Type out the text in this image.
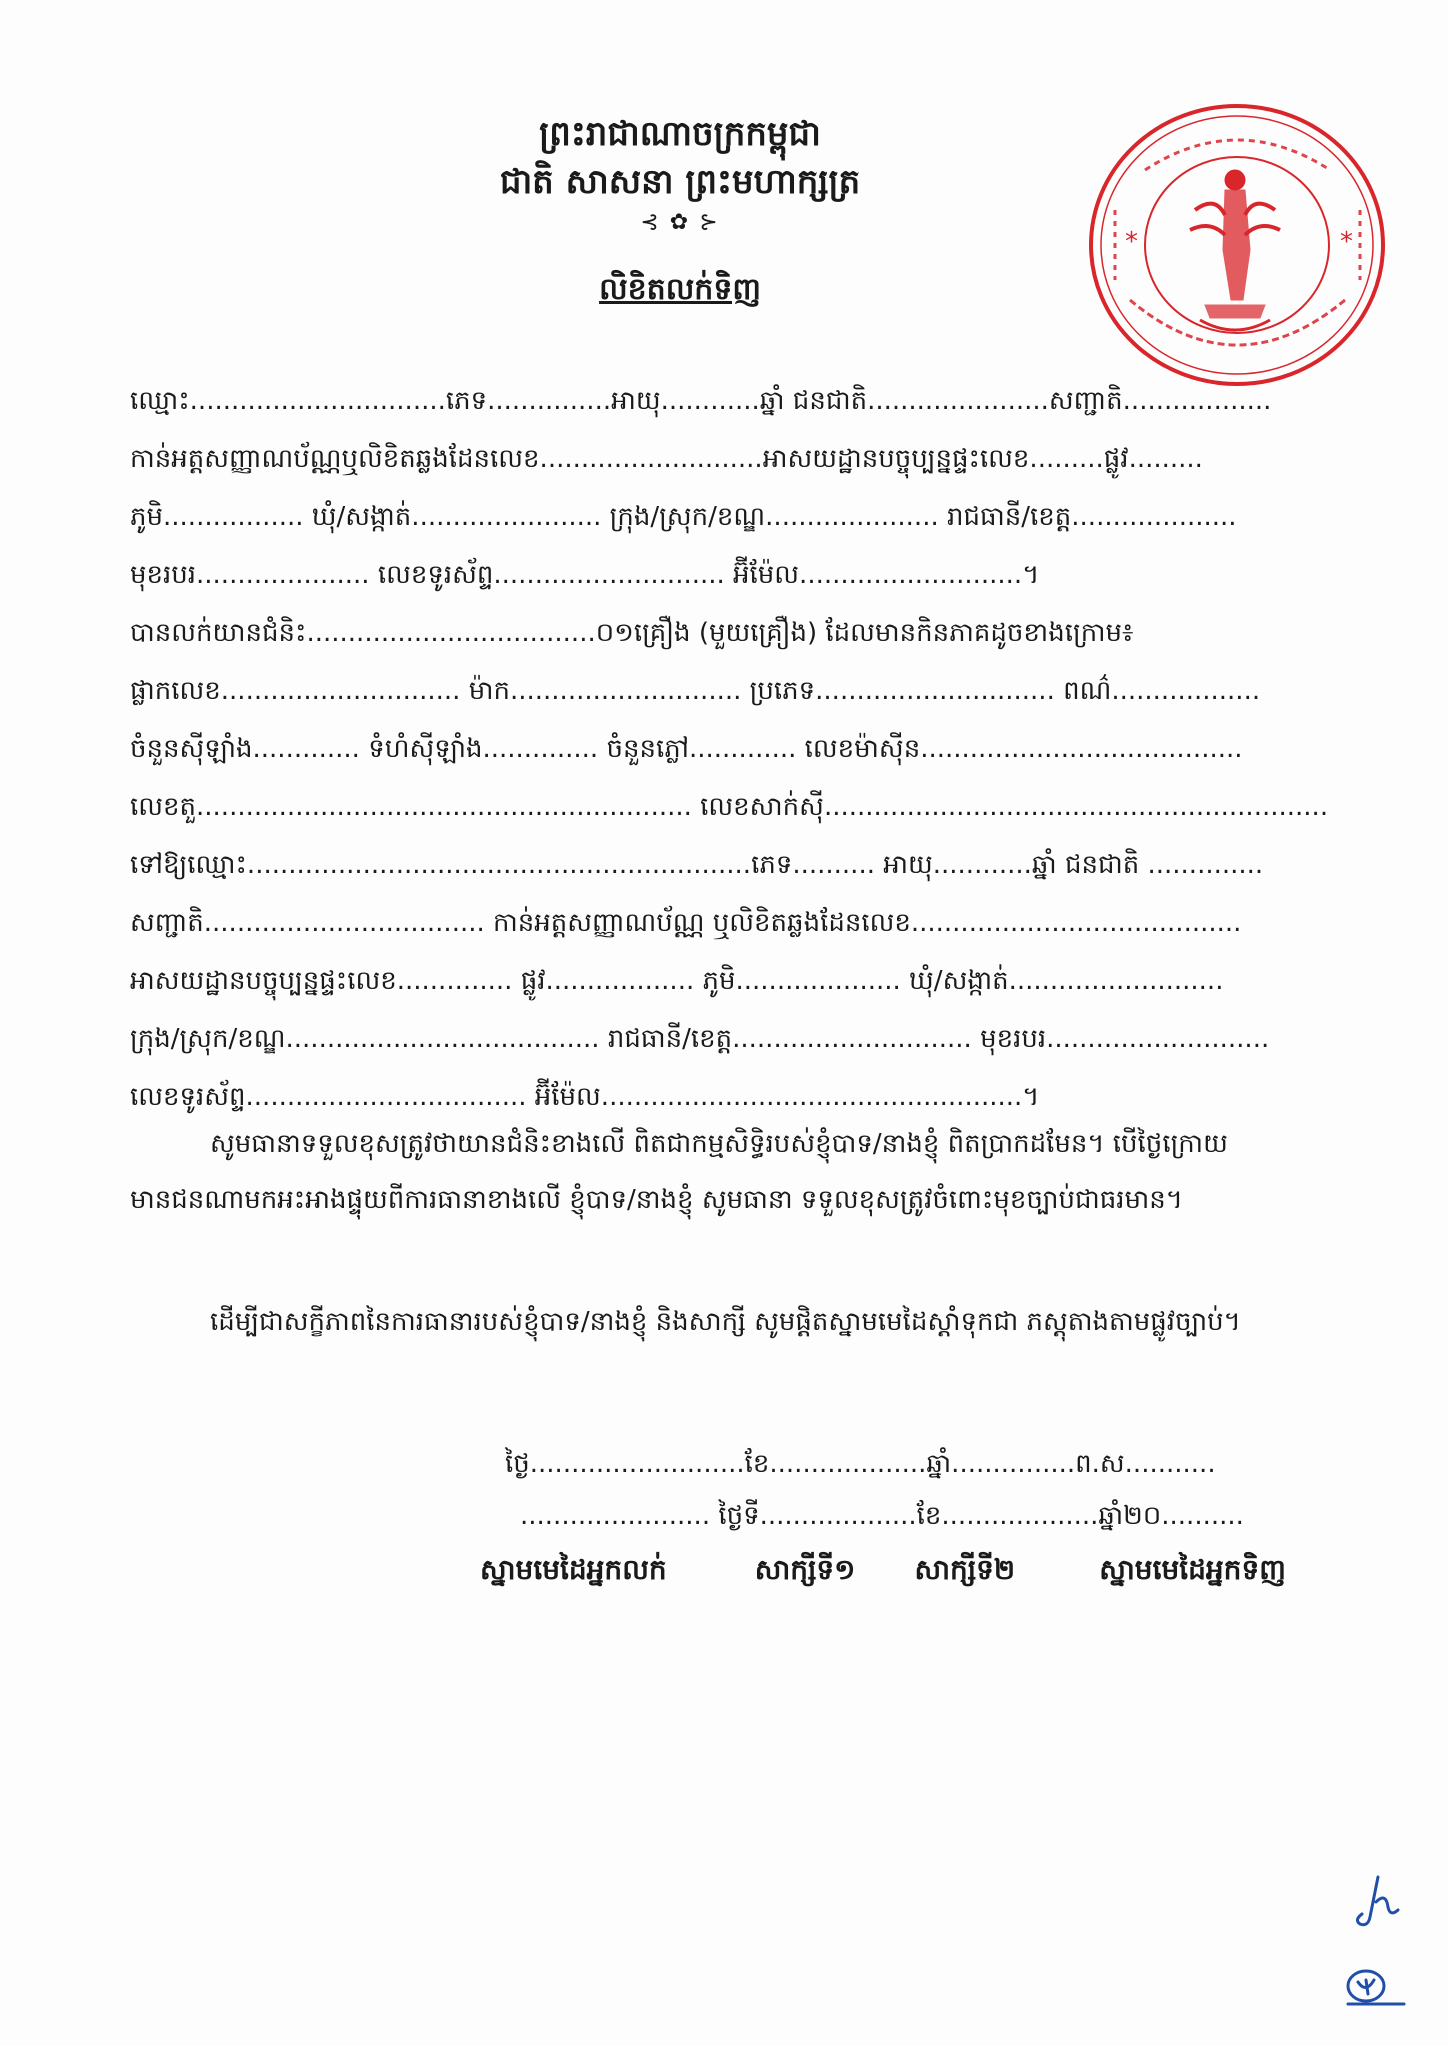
ព្រះរាជាណាចក្រកម្ពុជា
ជាតិ សាសនា ព្រះមហាក្សត្រ
⊰ ✿ ⊱
លិខិតលក់ទិញ
*	*
ឈ្មោះ...............................ភេទ...............អាយុ............ឆ្នាំ ជនជាតិ......................សញ្ជាតិ..................
កាន់អត្តសញ្ញាណប័ណ្ណឬលិខិតឆ្លងដែនលេខ...........................អាសយដ្ឋានបច្ចុប្បន្នផ្ទះលេខ.........ផ្លូវ.........
ភូមិ................. ឃុំ/សង្កាត់....................... ក្រុង/ស្រុក/ខណ្ឌ..................... រាជធានី/ខេត្ត....................
មុខរបរ..................... លេខទូរស័ព្ទ............................ អ៊ីម៉ែល...........................។
បានលក់យានជំនិះ...................................០១គ្រឿង (មួយគ្រឿង) ដែលមានកិនភាគដូចខាងក្រោម៖
ផ្លាកលេខ............................. ម៉ាក............................ ប្រភេទ............................. ពណ៌..................
ចំនួនស៊ីឡាំង............. ទំហំស៊ីឡាំង.............. ចំនួនភ្លៅ............. លេខម៉ាស៊ីន.......................................
លេខតួ............................................................ លេខសាក់ស៊ី.............................................................
ទៅឱ្យឈ្មោះ.............................................................ភេទ.......... អាយុ............ឆ្នាំ ជនជាតិ ..............
សញ្ជាតិ.................................. កាន់អត្តសញ្ញាណប័ណ្ណ ឬលិខិតឆ្លងដែនលេខ........................................
អាសយដ្ឋានបច្ចុប្បន្នផ្ទះលេខ.............. ផ្លូវ.................. ភូមិ.................... ឃុំ/សង្កាត់..........................
ក្រុង/ស្រុក/ខណ្ឌ...................................... រាជធានី/ខេត្ត............................. មុខរបរ...........................
លេខទូរស័ព្ទ.................................. អ៊ីម៉ែល...................................................។
សូមធានាទទួលខុសត្រូវថាយានជំនិះខាងលើ ពិតជាកម្មសិទ្ធិរបស់ខ្ញុំបាទ/នាងខ្ញុំ ពិតប្រាកដមែន។ បើថ្ងៃក្រោយមានជនណាមកអះអាងផ្ទុយពីការធានាខាងលើ ខ្ញុំបាទ/នាងខ្ញុំ សូមធានា ទទួលខុសត្រូវចំពោះមុខច្បាប់ជាធរមាន។
ដើម្បីជាសក្ខីភាពនៃការធានារបស់ខ្ញុំបាទ/នាងខ្ញុំ និងសាក្សី សូមផ្តិតស្នាមមេដៃស្តាំទុកជា ភស្តុតាងតាមផ្លូវច្បាប់។
ថ្ងៃ..........................ខែ...................ឆ្នាំ...............ព.ស...........
....................... ថ្ងៃទី...................ខែ...................ឆ្នាំ២០..........
ស្នាមមេដៃអ្នកលក់	សាក្សីទី១ សាក្សីទី២	ស្នាមមេដៃអ្នកទិញ
